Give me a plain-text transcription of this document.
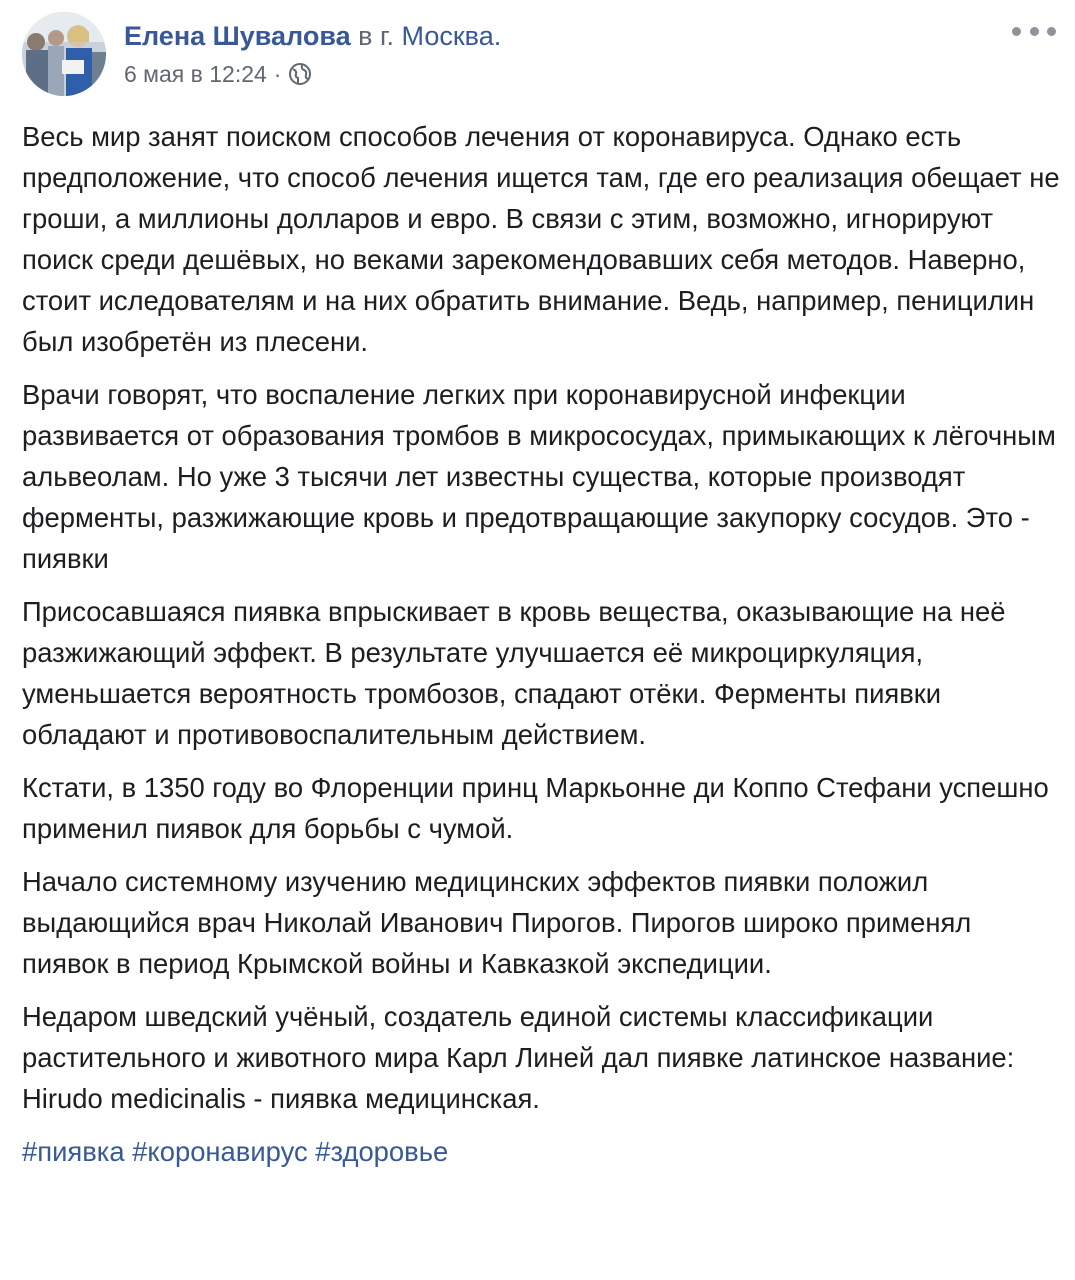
Елена Шувалова в г. Москва.
6 мая в 12:24 ·

Весь мир занят поиском способов лечения от коронавируса. Однако есть предположение, что способ лечения ищется там, где его реализация обещает не гроши, а миллионы долларов и евро. В связи с этим, возможно, игнорируют поиск среди дешёвых, но веками зарекомендовавших себя методов. Наверно, стоит иследователям и на них обратить внимание. Ведь, например, пеницилин был изобретён из плесени.

Врачи говорят, что воспаление легких при коронавирусной инфекции развивается от образования тромбов в микрососудах, примыкающих к лёгочным альвеолам. Но уже 3 тысячи лет известны существа, которые производят ферменты, разжижающие кровь и предотвращающие закупорку сосудов. Это - пиявки

Присосавшаяся пиявка впрыскивает в кровь вещества, оказывающие на неё разжижающий эффект. В результате улучшается её микроциркуляция, уменьшается вероятность тромбозов, спадают отёки. Ферменты пиявки обладают и противовоспалительным действием.

Кстати, в 1350 году во Флоренции принц Маркьонне ди Коппо Стефани успешно применил пиявок для борьбы с чумой.

Начало системному изучению медицинских эффектов пиявки положил выдающийся врач Николай Иванович Пирогов. Пирогов широко применял пиявок в период Крымской войны и Кавказкой экспедиции.

Недаром шведский учёный, создатель единой системы классификации растительного и животного мира Карл Линей дал пиявке латинское название: Hirudo medicinalis - пиявка медицинская.

#пиявка #коронавирус #здоровье
